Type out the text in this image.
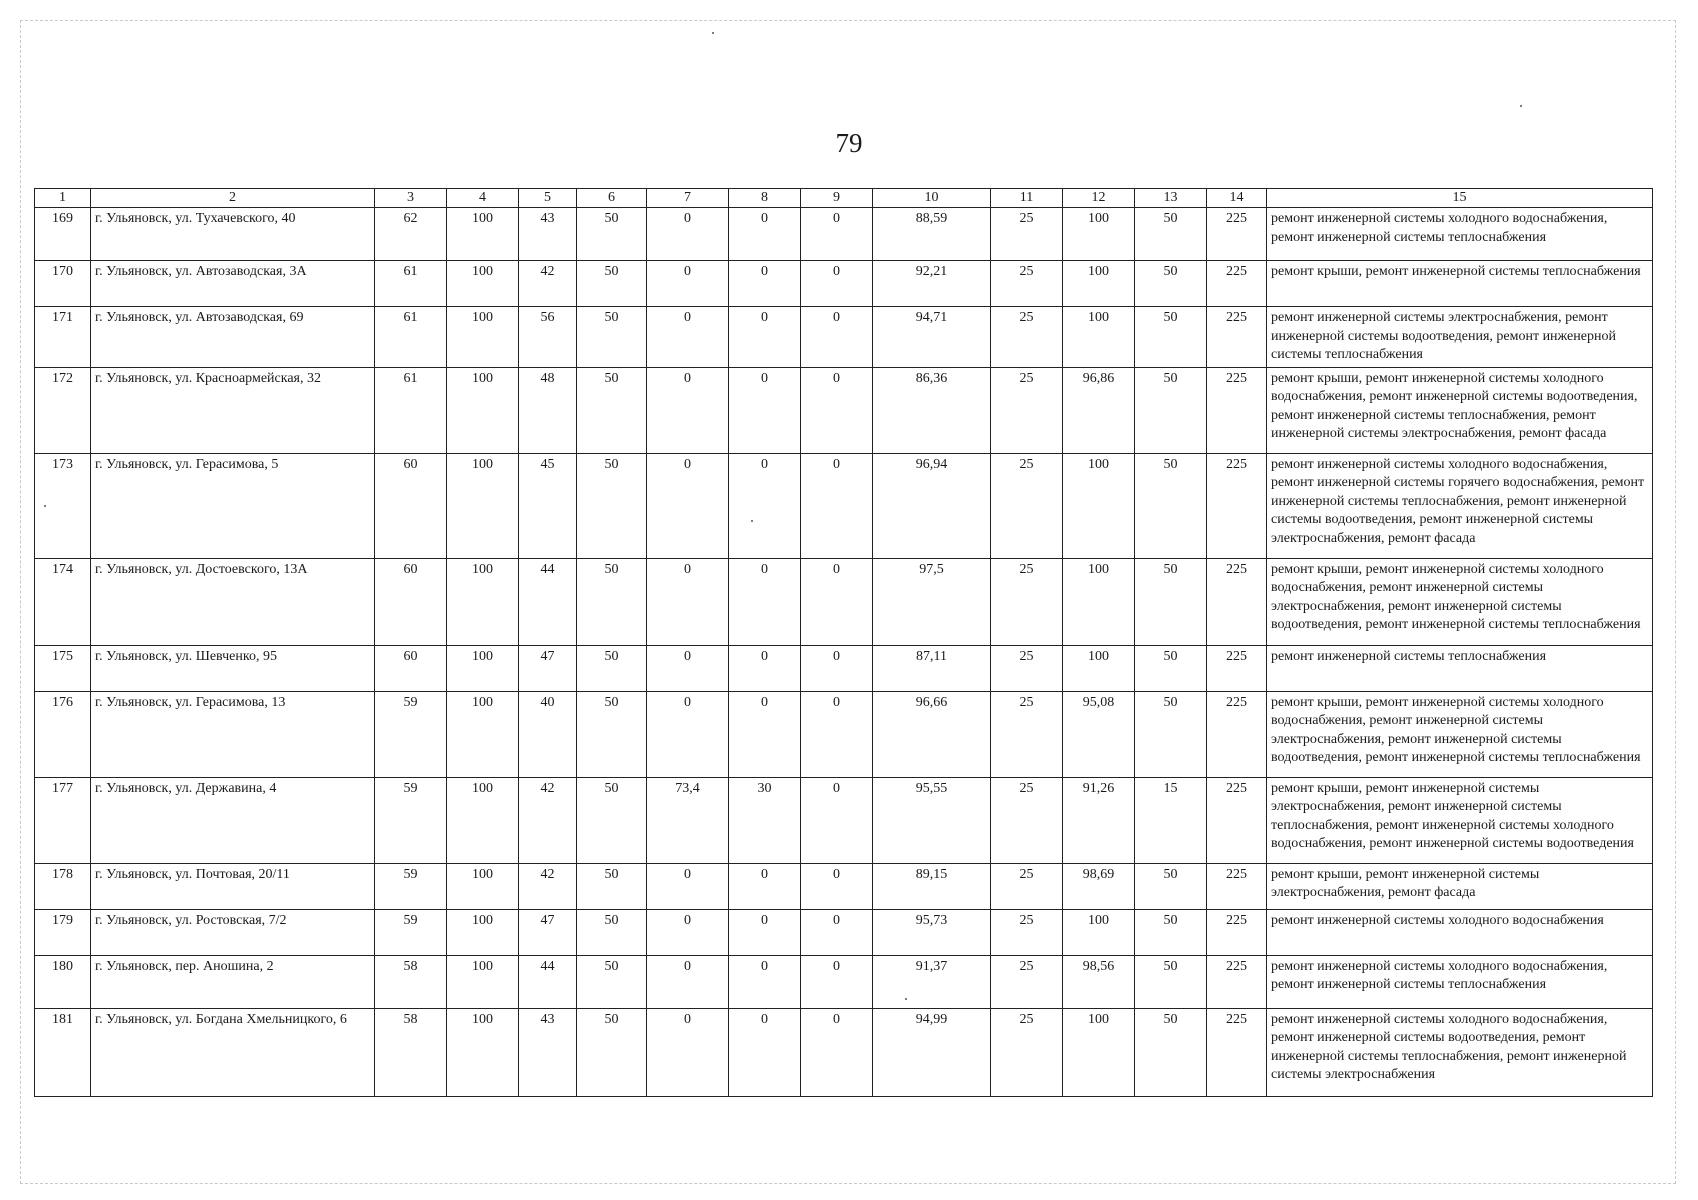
79
1	2	3	4	5	6	7	8	9	10	11	12	13	14	15
169	г. Ульяновск, ул. Тухачевского, 40	62	100	43	50	0	0	0	88,59	25	100	50	225	ремонт инженерной системы холодного водоснабжения, ремонт инженерной системы теплоснабжения
170	г. Ульяновск, ул. Автозаводская, 3А	61	100	42	50	0	0	0	92,21	25	100	50	225	ремонт крыши, ремонт инженерной системы теплоснабжения
171	г. Ульяновск, ул. Автозаводская, 69	61	100	56	50	0	0	0	94,71	25	100	50	225	ремонт инженерной системы электроснабжения, ремонт инженерной системы водоотведения, ремонт инженерной системы теплоснабжения
172	г. Ульяновск, ул. Красноармейская, 32	61	100	48	50	0	0	0	86,36	25	96,86	50	225	ремонт крыши, ремонт инженерной системы холодного водоснабжения, ремонт инженерной системы водоотведения, ремонт инженерной системы теплоснабжения, ремонт инженерной системы электроснабжения, ремонт фасада
173	г. Ульяновск, ул. Герасимова, 5	60	100	45	50	0	0	0	96,94	25	100	50	225	ремонт инженерной системы холодного водоснабжения, ремонт инженерной системы горячего водоснабжения, ремонт инженерной системы теплоснабжения, ремонт инженерной системы водоотведения, ремонт инженерной системы электроснабжения, ремонт фасада
174	г. Ульяновск, ул. Достоевского, 13А	60	100	44	50	0	0	0	97,5	25	100	50	225	ремонт крыши, ремонт инженерной системы холодного водоснабжения, ремонт инженерной системы электроснабжения, ремонт инженерной системы водоотведения, ремонт инженерной системы теплоснабжения
175	г. Ульяновск, ул. Шевченко, 95	60	100	47	50	0	0	0	87,11	25	100	50	225	ремонт инженерной системы теплоснабжения
176	г. Ульяновск, ул. Герасимова, 13	59	100	40	50	0	0	0	96,66	25	95,08	50	225	ремонт крыши, ремонт инженерной системы холодного водоснабжения, ремонт инженерной системы электроснабжения, ремонт инженерной системы водоотведения, ремонт инженерной системы теплоснабжения
177	г. Ульяновск, ул. Державина, 4	59	100	42	50	73,4	30	0	95,55	25	91,26	15	225	ремонт крыши, ремонт инженерной системы электроснабжения, ремонт инженерной системы теплоснабжения, ремонт инженерной системы холодного водоснабжения, ремонт инженерной системы водоотведения
178	г. Ульяновск, ул. Почтовая, 20/11	59	100	42	50	0	0	0	89,15	25	98,69	50	225	ремонт крыши, ремонт инженерной системы электроснабжения, ремонт фасада
179	г. Ульяновск, ул. Ростовская, 7/2	59	100	47	50	0	0	0	95,73	25	100	50	225	ремонт инженерной системы холодного водоснабжения
180	г. Ульяновск, пер. Аношина, 2	58	100	44	50	0	0	0	91,37	25	98,56	50	225	ремонт инженерной системы холодного водоснабжения, ремонт инженерной системы теплоснабжения
181	г. Ульяновск, ул. Богдана Хмельницкого, 6	58	100	43	50	0	0	0	94,99	25	100	50	225	ремонт инженерной системы холодного водоснабжения, ремонт инженерной системы водоотведения, ремонт инженерной системы теплоснабжения, ремонт инженерной системы электроснабжения
